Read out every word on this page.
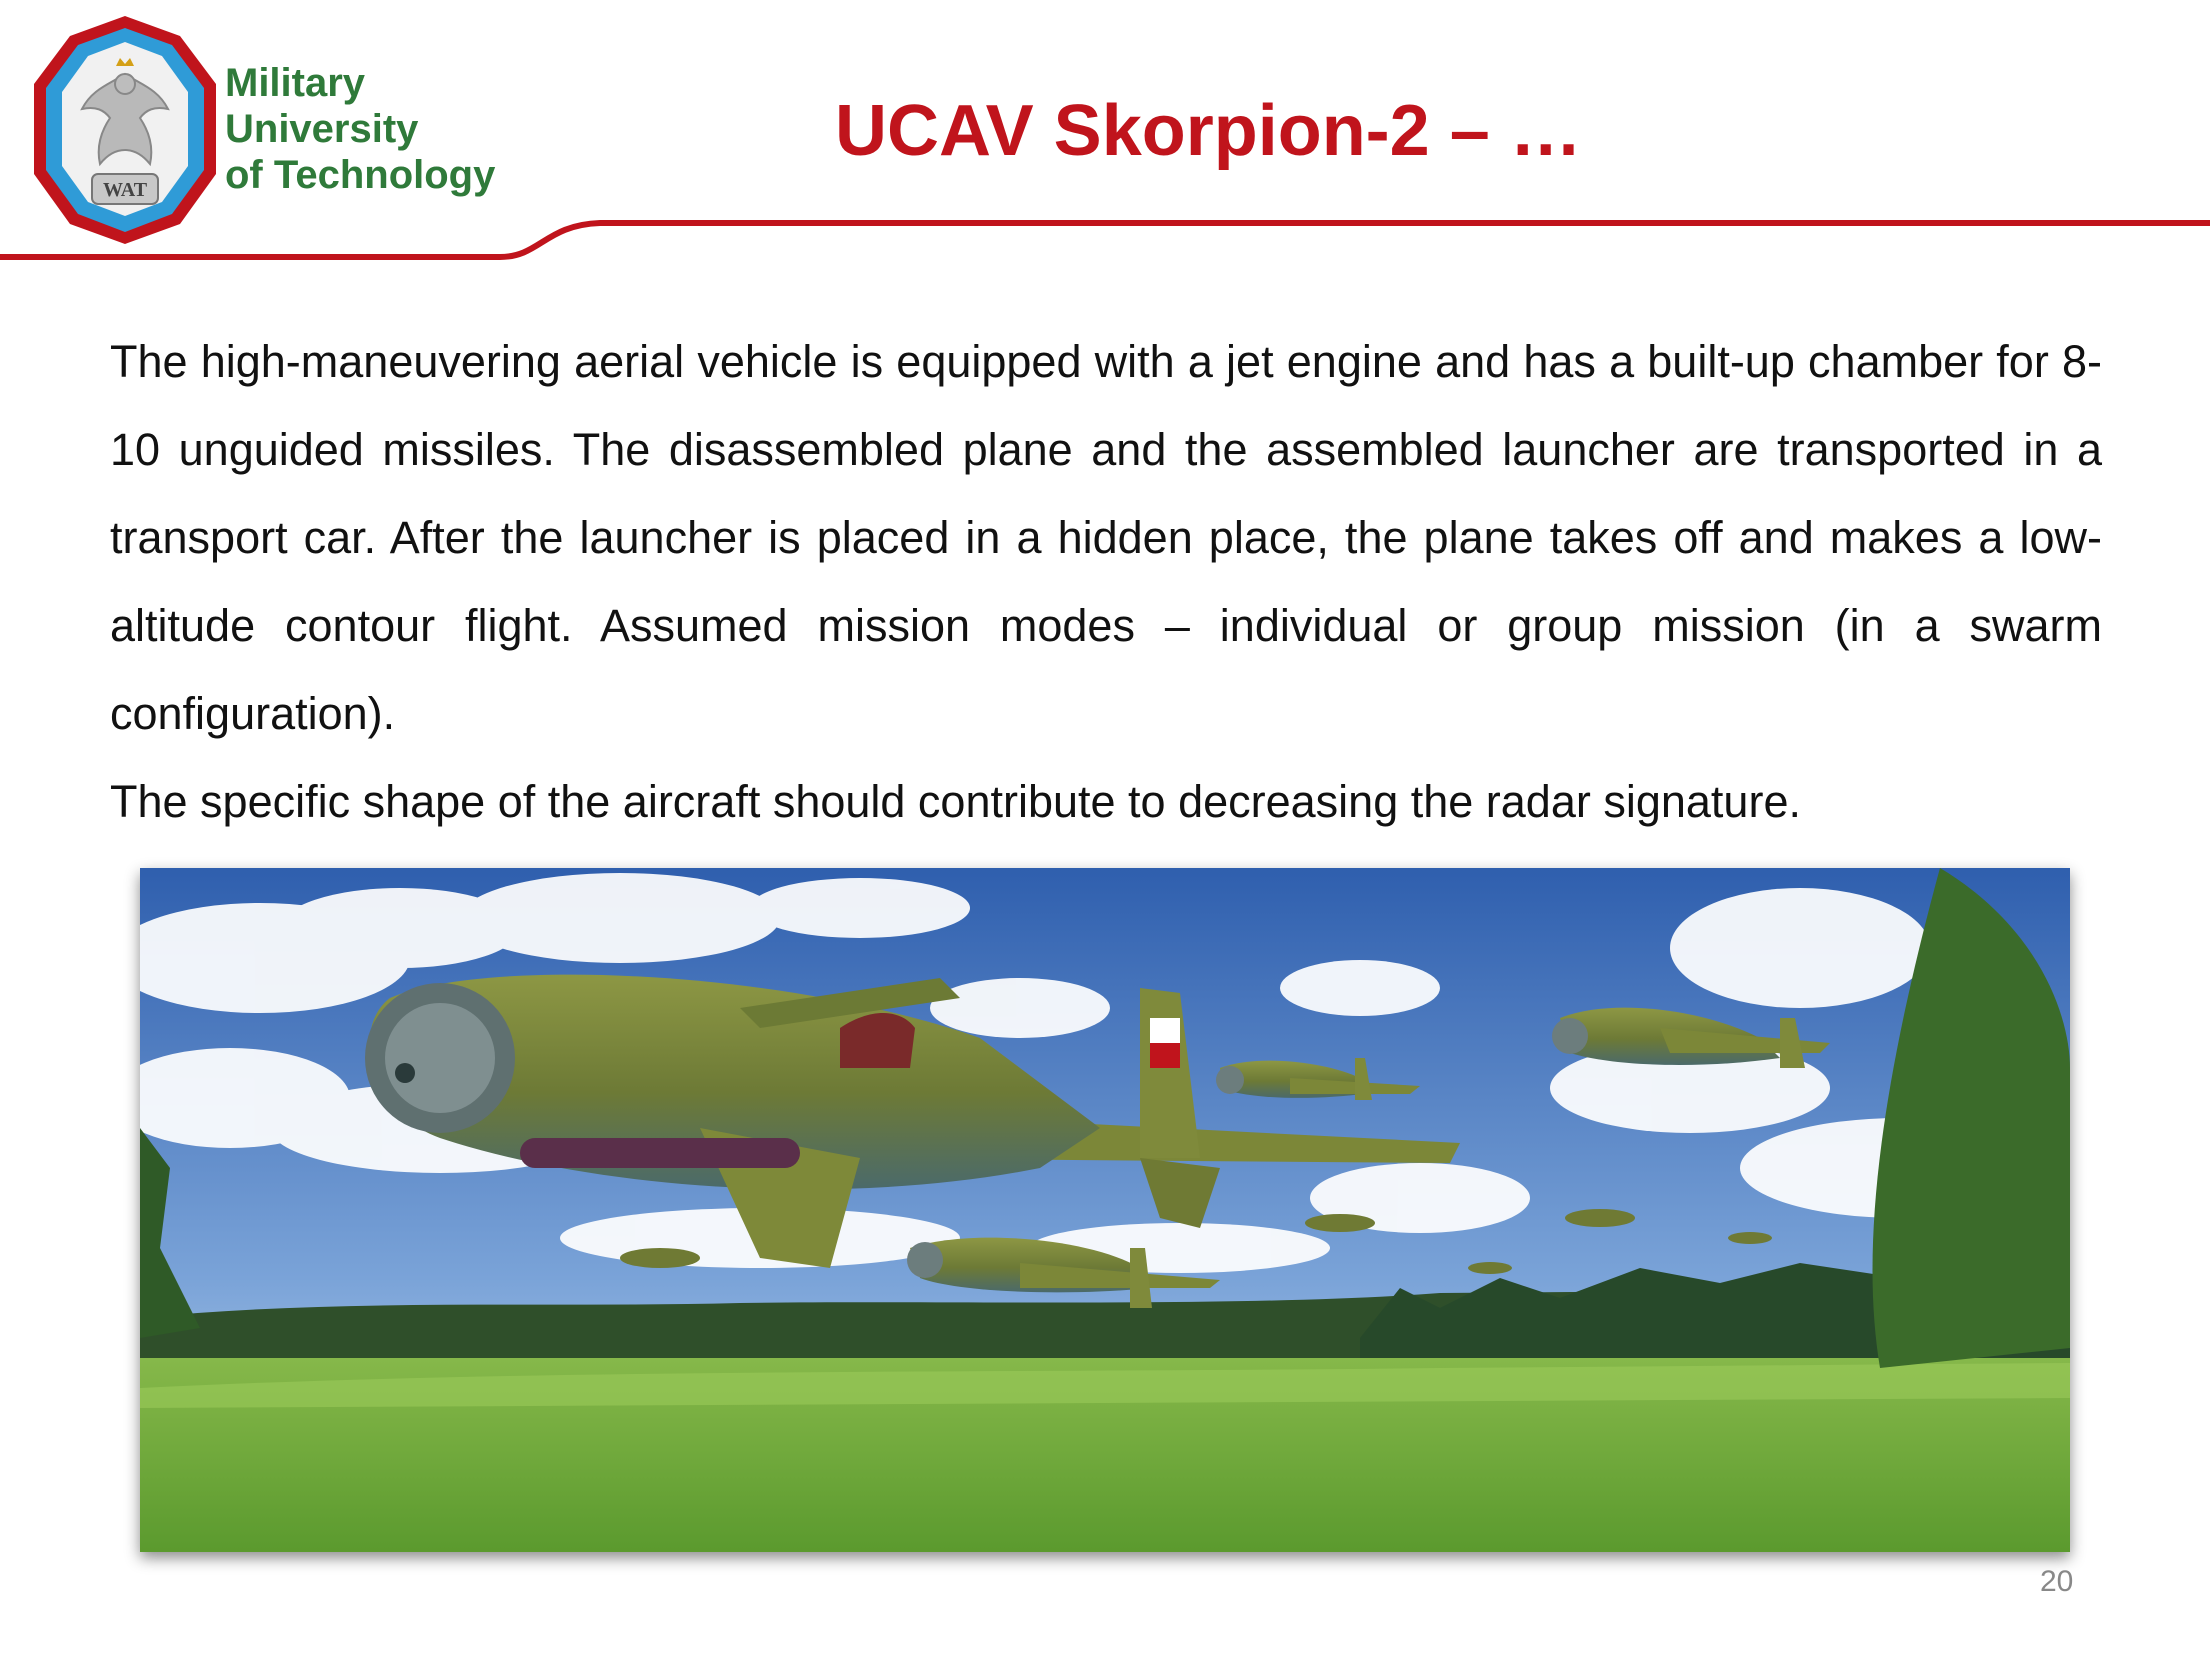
WAT
Military
University
of Technology
UCAV Skorpion-2 – …

The high-maneuvering aerial vehicle is equipped with a jet engine and has a built-up chamber for 8-10 unguided missiles. The disassembled plane and the assembled launcher are transported in a transport car. After the launcher is placed in a hidden place, the plane takes off and makes a low-altitude contour flight. Assumed mission modes – individual or group mission (in a swarm configuration).

The specific shape of the aircraft should contribute to decreasing the radar signature.

20
